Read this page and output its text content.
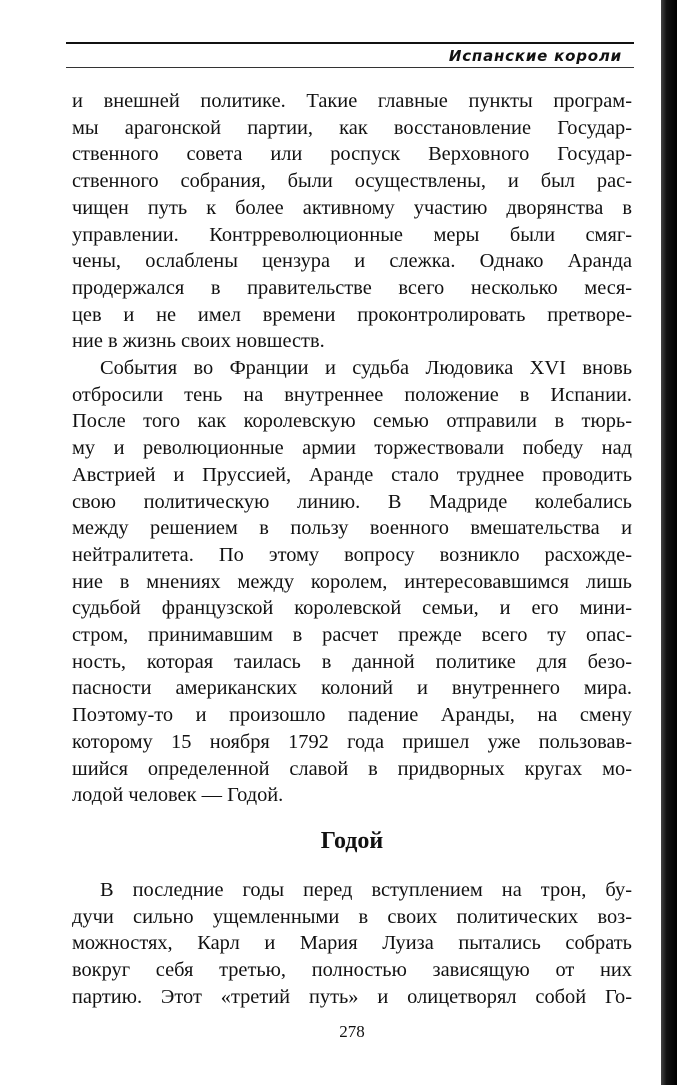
Испанские короли
и внешней политике. Такие главные пункты програм-
мы арагонской партии, как восстановление Государ-
ственного совета или роспуск Верховного Государ-
ственного собрания, были осуществлены, и был рас-
чищен путь к более активному участию дворянства в
управлении. Контрреволюционные меры были смяг-
чены, ослаблены цензура и слежка. Однако Аранда
продержался в правительстве всего несколько меся-
цев и не имел времени проконтролировать претворе-
ние в жизнь своих новшеств.
События во Франции и судьба Людовика XVI вновь
отбросили тень на внутреннее положение в Испании.
После того как королевскую семью отправили в тюрь-
му и революционные армии торжествовали победу над
Австрией и Пруссией, Аранде стало труднее проводить
свою политическую линию. В Мадриде колебались
между решением в пользу военного вмешательства и
нейтралитета. По этому вопросу возникло расхожде-
ние в мнениях между королем, интересовавшимся лишь
судьбой французской королевской семьи, и его мини-
стром, принимавшим в расчет прежде всего ту опас-
ность, которая таилась в данной политике для безо-
пасности американских колоний и внутреннего мира.
Поэтому-то и произошло падение Аранды, на смену
которому 15 ноября 1792 года пришел уже пользовав-
шийся определенной славой в придворных кругах мо-
лодой человек — Годой.
Годой
В последние годы перед вступлением на трон, бу-
дучи сильно ущемленными в своих политических воз-
можностях, Карл и Мария Луиза пытались собрать
вокруг себя третью, полностью зависящую от них
партию. Этот «третий путь» и олицетворял собой Го-
278
